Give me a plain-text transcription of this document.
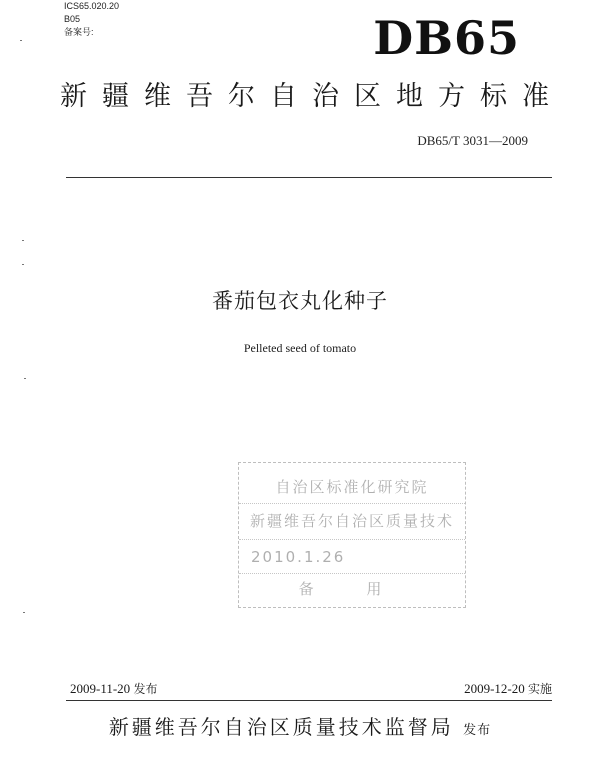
ICS65.020.20
B05
备案号:	DB65
新疆维吾尔自治区地方标准
DB65/T 3031—2009
番茄包衣丸化种子
Pelleted seed of tomato
自治区标准化研究院
新疆维吾尔自治区质量技术
2010.1.26
备 用
2009-11-20 发布	2009-12-20 实施
新疆维吾尔自治区质量技术监督局 发布
